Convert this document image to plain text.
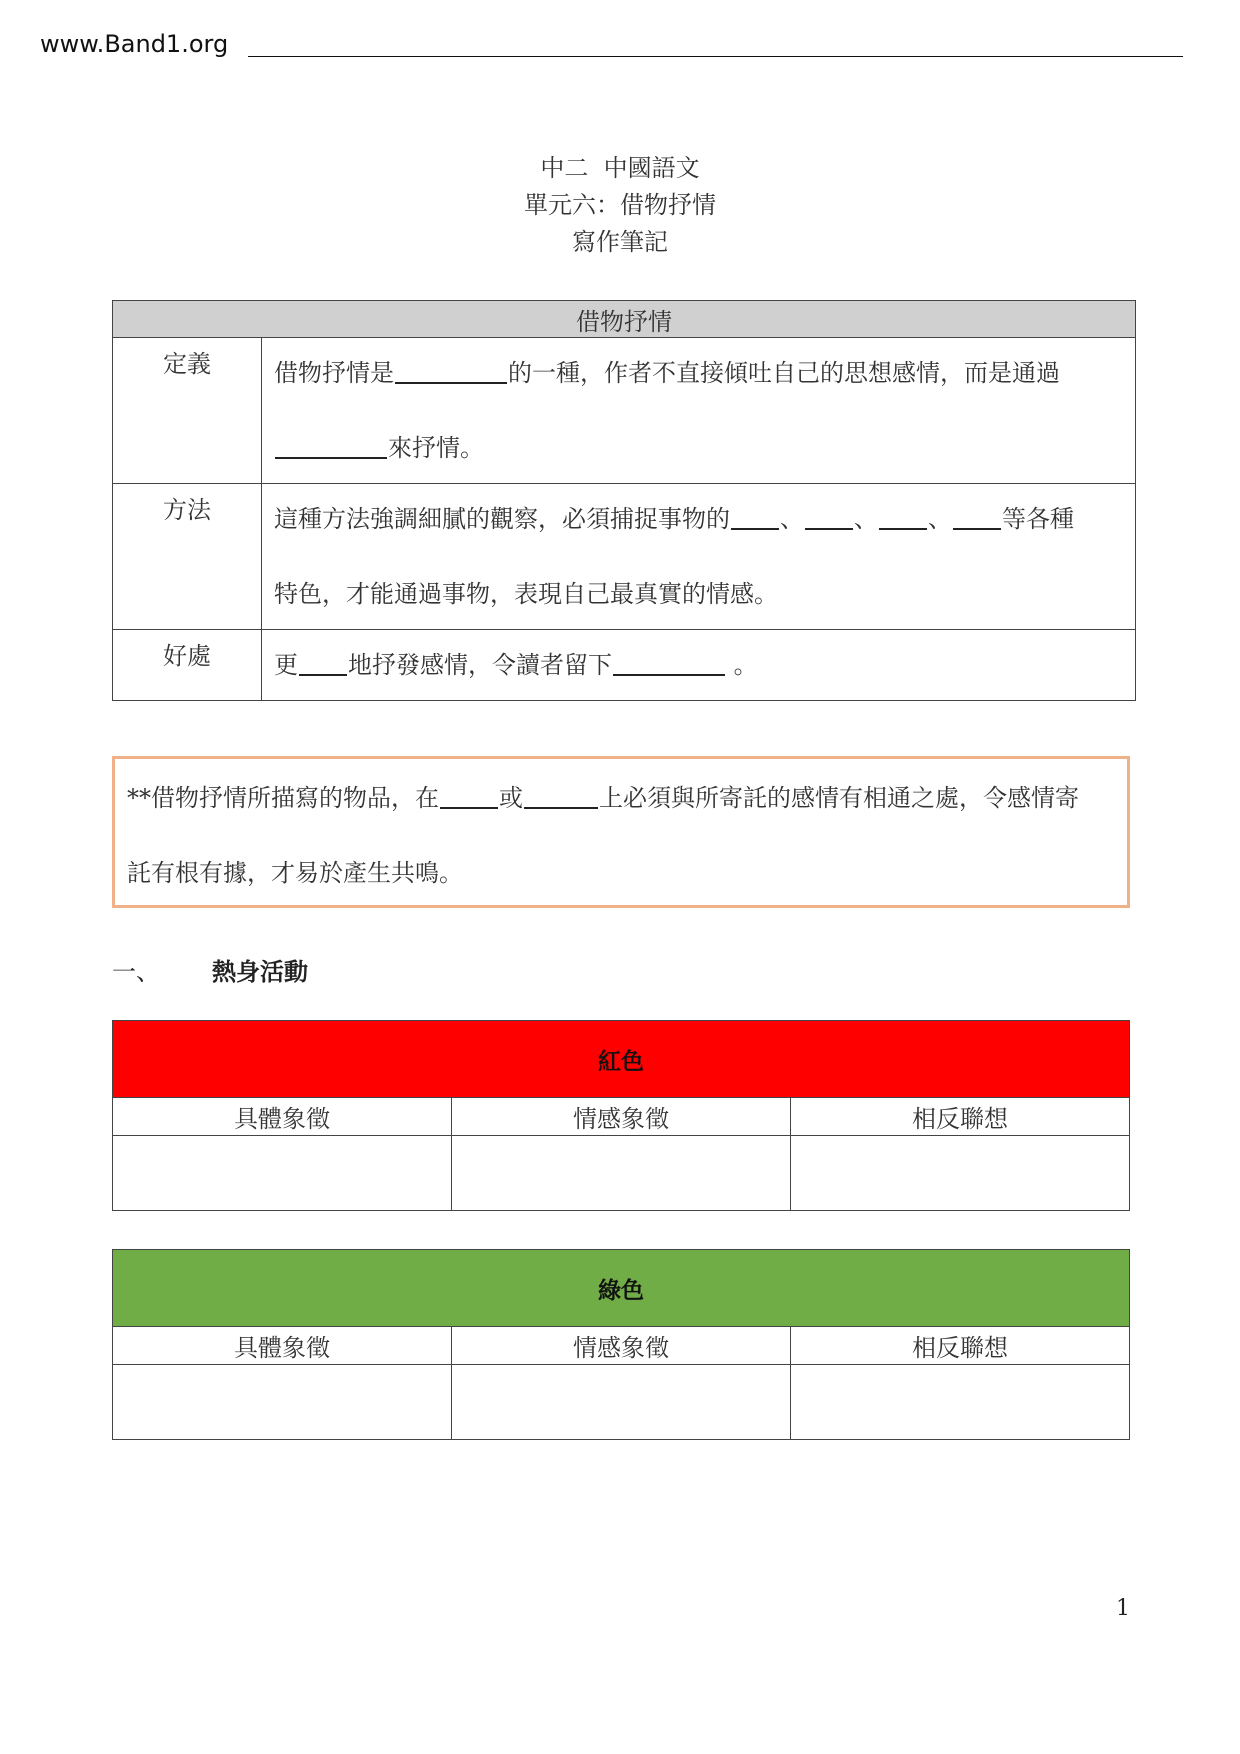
www.Band1.org
中二  中國語文
單元六：借物抒情
寫作筆記
借物抒情	
定義	借物抒情是 的一種，作者不直接傾吐自己的思想感情，而是通過
來抒情。

方法	這種方法強調細膩的觀察，必須捕捉事物的 、 、 、 等各種
特色，才能通過事物，表現自己最真實的情感。

好處	更 地抒發感情，令讀者留下 。
**借物抒情所描寫的物品，在	或	上必須與所寄託的感情有相通之處，令感情寄
託有根有據，才易於產生共鳴。
一、 熱身活動
紅色		
具體象徵	情感象徵	相反聯想

綠色		
具體象徵	情感象徵	相反聯想

1
